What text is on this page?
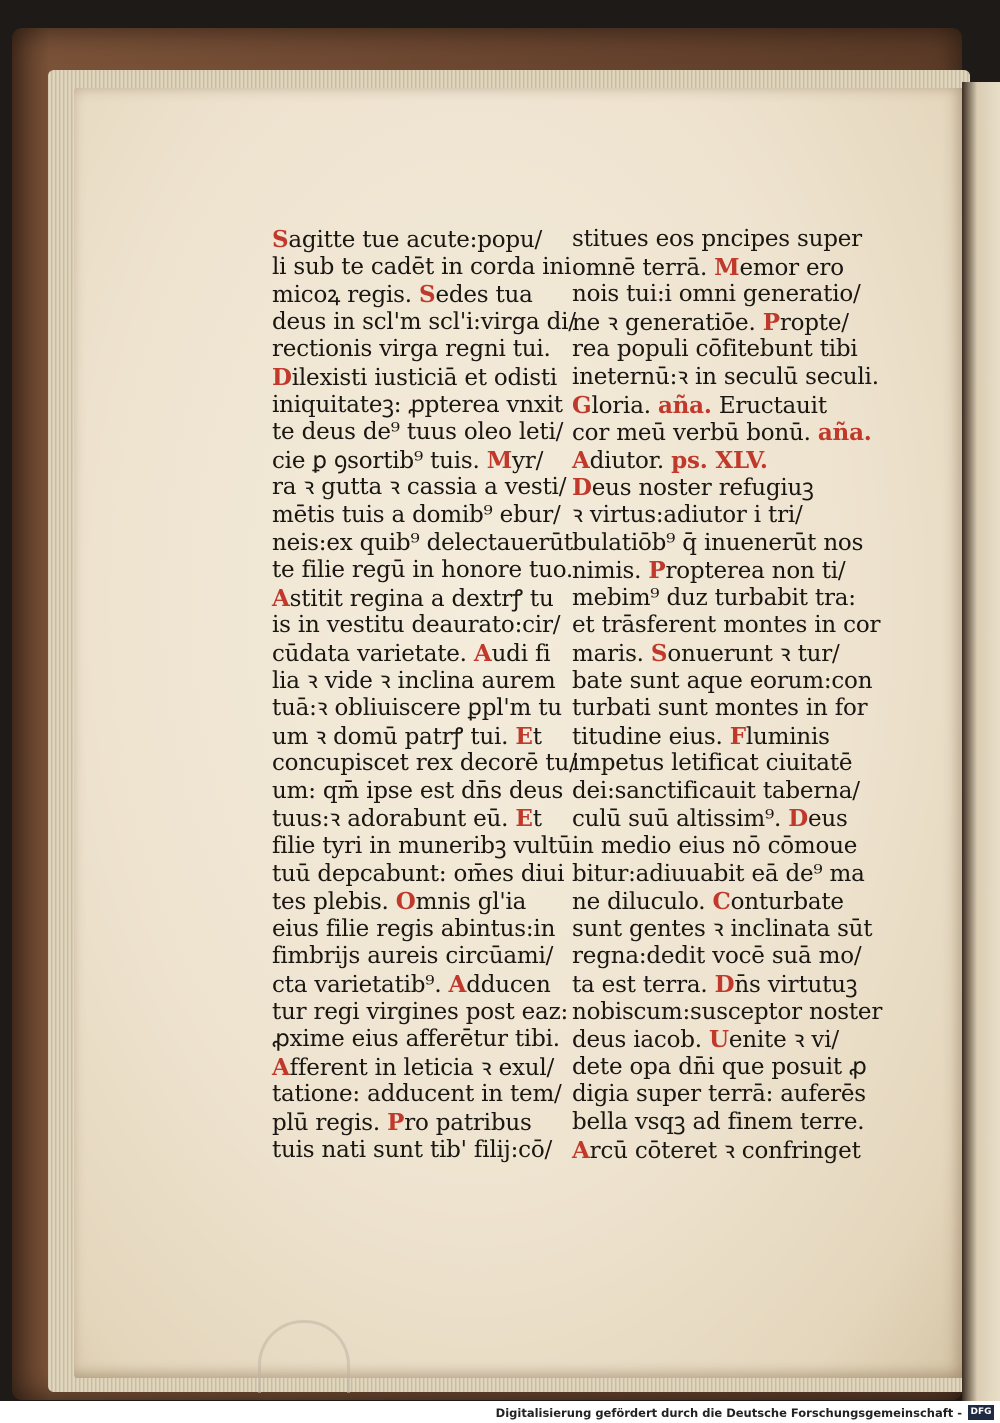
Sagitte tue acute:popu/
li sub te cadēt in corda ini
micoꝝ regis. Sedes tua
deus in scl'm scl'i:virga di/
rectionis virga regni tui.
Dilexisti iusticiā et odisti
iniquitateꝫ: ꝓpterea vnxit
te deus de⁹ tuus oleo leti/
cie ꝑ ꝯsortib⁹ tuis. Myr/
ra ꝛ gutta ꝛ cassia a vesti/
mētis tuis a domib⁹ ebur/
neis:ex quib⁹ delectauerūt
te filie regū in honore tuo.
Astitit regina a dextrꝭ tu
is in vestitu deaurato:cir/
cūdata varietate. Audi fi
lia ꝛ vide ꝛ inclina aurem
tuā:ꝛ obliuiscere ꝑpl'm tu
um ꝛ domū patrꝭ tui. Et
concupiscet rex decorē tu/
um: qm̄ ipse est dn̄s deus
tuus:ꝛ adorabunt eū. Et
filie tyri in muneribꝫ vultū
tuū depcabunt: om̄es diui
tes plebis. Omnis gl'ia
eius filie regis abintus:in
fimbrijs aureis circūami/
cta varietatib⁹. Adducen
tur regi virgines post eaz:
ꝓxime eius afferētur tibi.
Afferent in leticia ꝛ exul/
tatione: adducent in tem/
plū regis. Pro patribus
tuis nati sunt tib' filij:cō/
stitues eos pncipes super
omnē terrā. Memor ero
nois tui:i omni generatio/
ne ꝛ generatiōe. Propte/
rea populi cōfitebunt tibi
ineternū:ꝛ in seculū seculi.
Gloria. aña. Eructauit
cor meū verbū bonū. aña.
Adiutor. ps. XLV.
Deus noster refugiuꝫ
ꝛ virtus:adiutor i tri/
bulatiōb⁹ q̄ inuenerūt nos
nimis. Propterea non ti/
mebim⁹ duz turbabit tra:
et trāsferent montes in cor
maris. Sonuerunt ꝛ tur/
bate sunt aque eorum:con
turbati sunt montes in for
titudine eius. Fluminis
impetus letificat ciuitatē
dei:sanctificauit taberna/
culū suū altissim⁹. Deus
in medio eius nō cōmoue
bitur:adiuuabit eā de⁹ ma
ne diluculo. Conturbate
sunt gentes ꝛ inclinata sūt
regna:dedit vocē suā mo/
ta est terra. Dn̄s virtutuꝫ
nobiscum:susceptor noster
deus iacob. Uenite ꝛ vi/
dete opa dn̄i que posuit ꝓ
digia super terrā: auferēs
bella vsqꝫ ad finem terre.
Arcū cōteret ꝛ confringet
Digitalisierung gefördert durch die Deutsche Forschungsgemeinschaft - DFG
